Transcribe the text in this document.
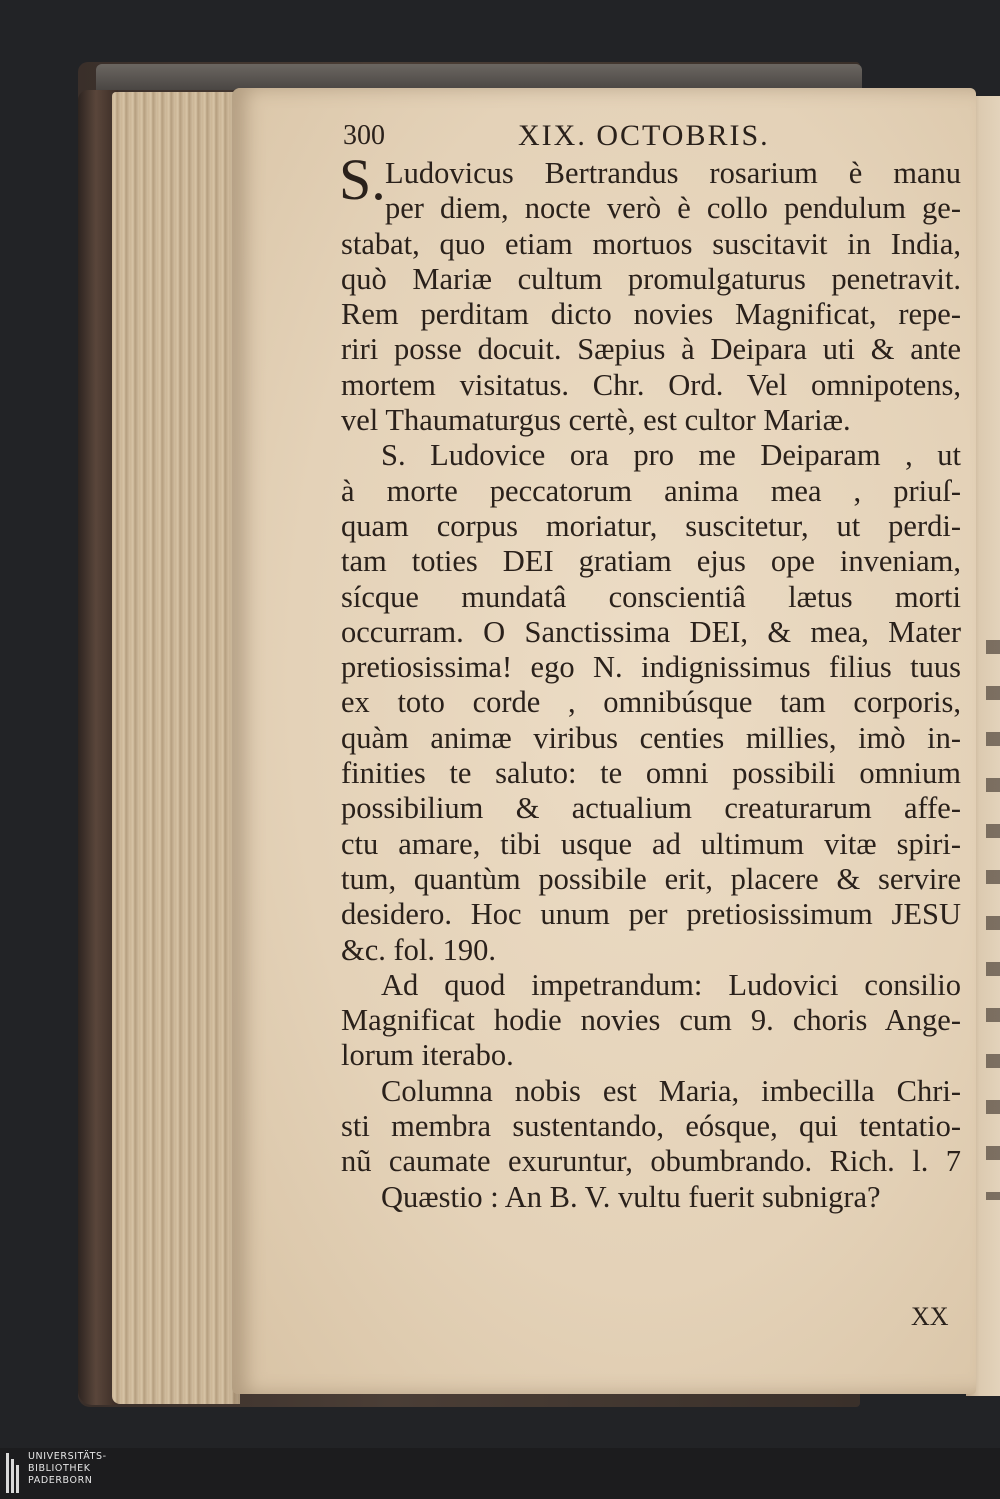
300	XIX. OCTOBRIS.
S. Ludovicus Bertrandus rosarium è manu
per diem, nocte verò è collo pendulum ge-
stabat, quo etiam mortuos suscitavit in India,
quò Mariæ cultum promulgaturus penetravit.
Rem perditam dicto novies Magnificat, repe-
riri posse docuit. Sæpius à Deipara uti & ante
mortem visitatus. Chr. Ord. Vel omnipotens,
vel Thaumaturgus certè, est cultor Mariæ.
S. Ludovice ora pro me Deiparam , ut
à morte peccatorum anima mea , priuſ-
quam corpus moriatur, suscitetur, ut perdi-
tam toties DEI gratiam ejus ope inveniam,
sícque mundatâ conscientiâ lætus morti
occurram. O Sanctissima DEI, & mea, Mater
pretiosissima! ego N. indignissimus filius tuus
ex toto corde , omnibúsque tam corporis,
quàm animæ viribus centies millies, imò in-
finities te saluto: te omni possibili omnium
possibilium & actualium creaturarum affe-
ctu amare, tibi usque ad ultimum vitæ spiri-
tum, quantùm possibile erit, placere & servire
desidero. Hoc unum per pretiosissimum JESU
&c. fol. 190.
Ad quod impetrandum: Ludovici consilio
Magnificat hodie novies cum 9. choris Ange-
lorum iterabo.
Columna nobis est Maria, imbecilla Chri-
sti membra sustentando, eósque, qui tentatio-
nũ caumate exuruntur, obumbrando. Rich. l. 7
Quæstio : An B. V. vultu fuerit subnigra?
XX
UNIVERSITÄTS-
BIBLIOTHEK
PADERBORN
